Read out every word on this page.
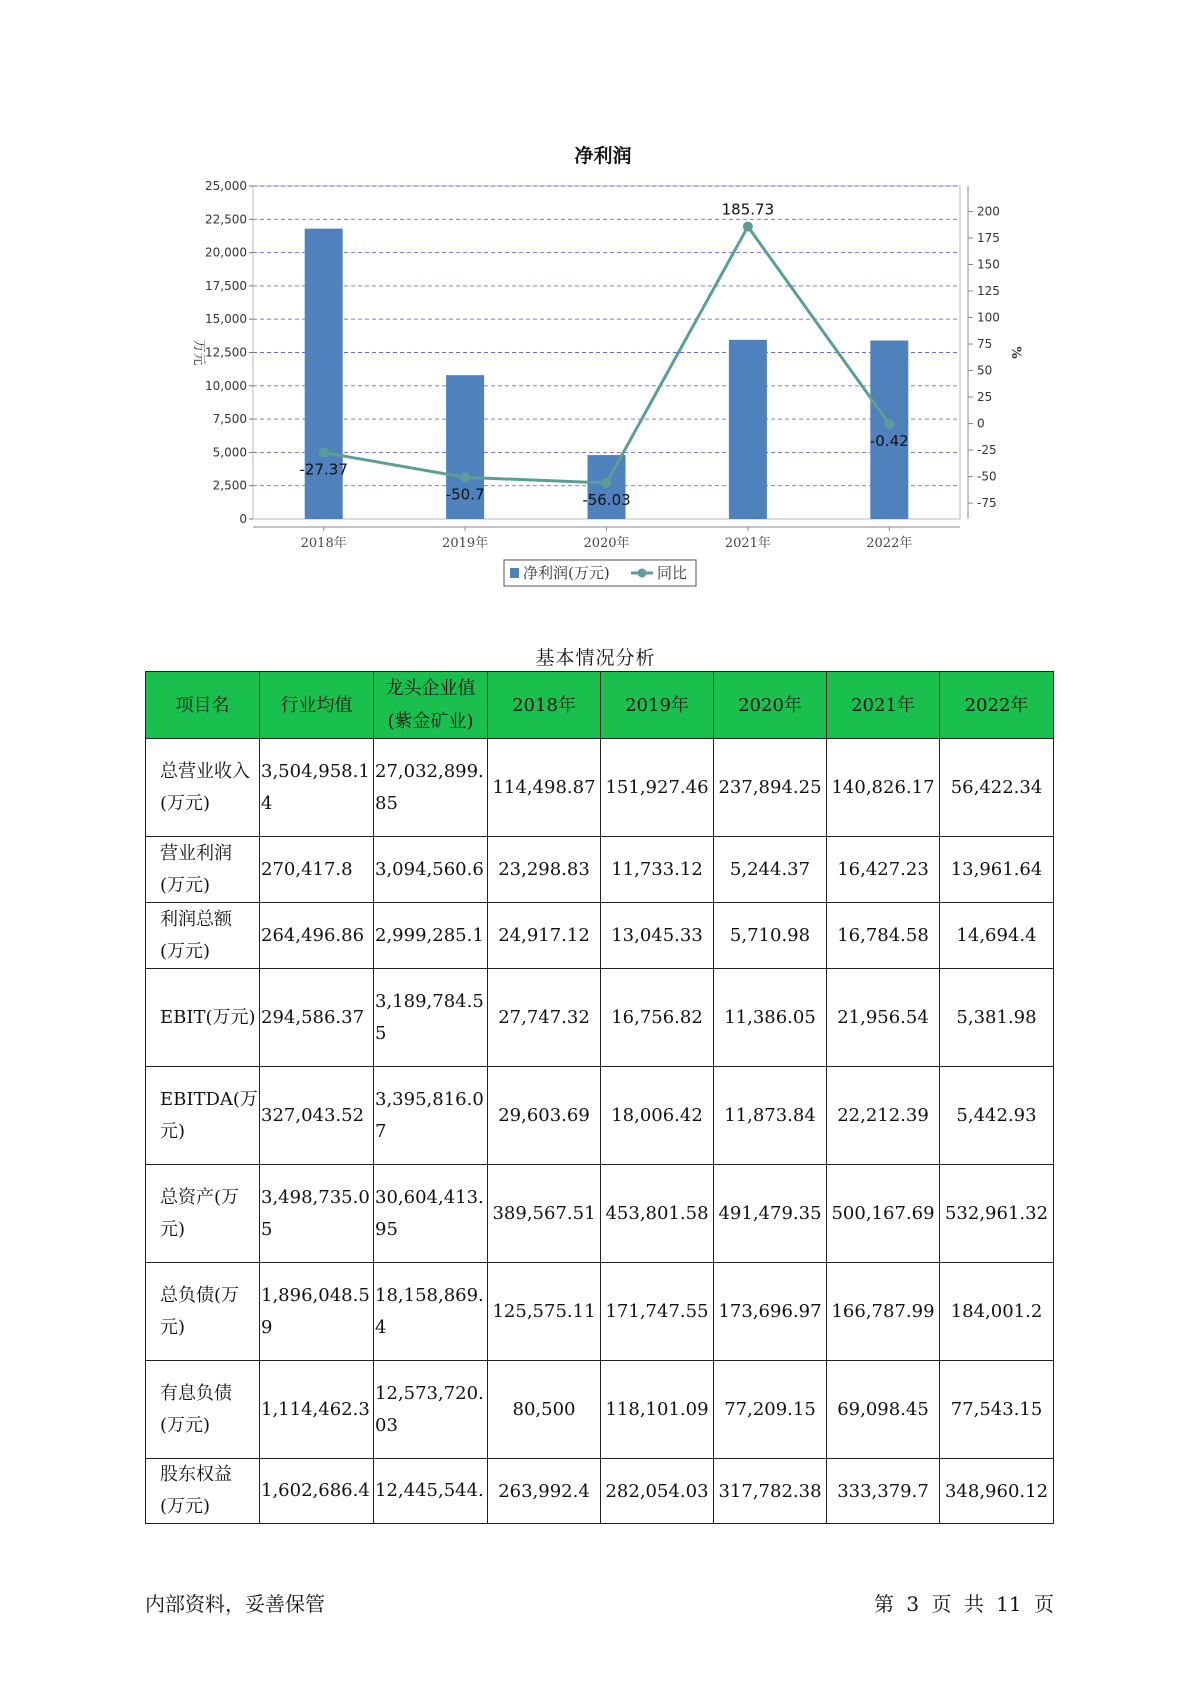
净利润
0
2,500
5,000
7,500
10,000
12,500
15,000
17,500
20,000
22,500
25,000
-75
-50
-25
0
25
50
75
100
125
150
175
200
万元	%
2018年	2019年	2020年	2021年	2022年
-27.37
-50.7	-56.03
185.73
-0.42
净利润(万元)	同比
基本情况分析
项目名	行业均值	龙头企业值(紫金矿业)	2018年	2019年	2020年	2021年	2022年

总营业收入(万元)	3,504,958.14	27,032,899.85	114,498.87	151,927.46	237,894.25	140,826.17	56,422.34

营业利润(万元)	270,417.8	3,094,560.6	23,298.83	11,733.12	5,244.37	16,427.23	13,961.64

利润总额(万元)	264,496.86	2,999,285.1	24,917.12	13,045.33	5,710.98	16,784.58	14,694.4

EBIT(万元)	294,586.37	3,189,784.55	27,747.32	16,756.82	11,386.05	21,956.54	5,381.98

EBITDA(万元)	327,043.52	3,395,816.07	29,603.69	18,006.42	11,873.84	22,212.39	5,442.93

总资产(万元)	3,498,735.05	30,604,413.95	389,567.51	453,801.58	491,479.35	500,167.69	532,961.32

总负债(万元)	1,896,048.59	18,158,869.4	125,575.11	171,747.55	173,696.97	166,787.99	184,001.2

有息负债(万元)	1,114,462.3	12,573,720.03	80,500	118,101.09	77,209.15	69,098.45	77,543.15

股东权益(万元)	1,602,686.4	12,445,544.	263,992.4	282,054.03	317,782.38	333,379.7	348,960.12
内部资料，妥善保管	第 3 页 共 11 页
